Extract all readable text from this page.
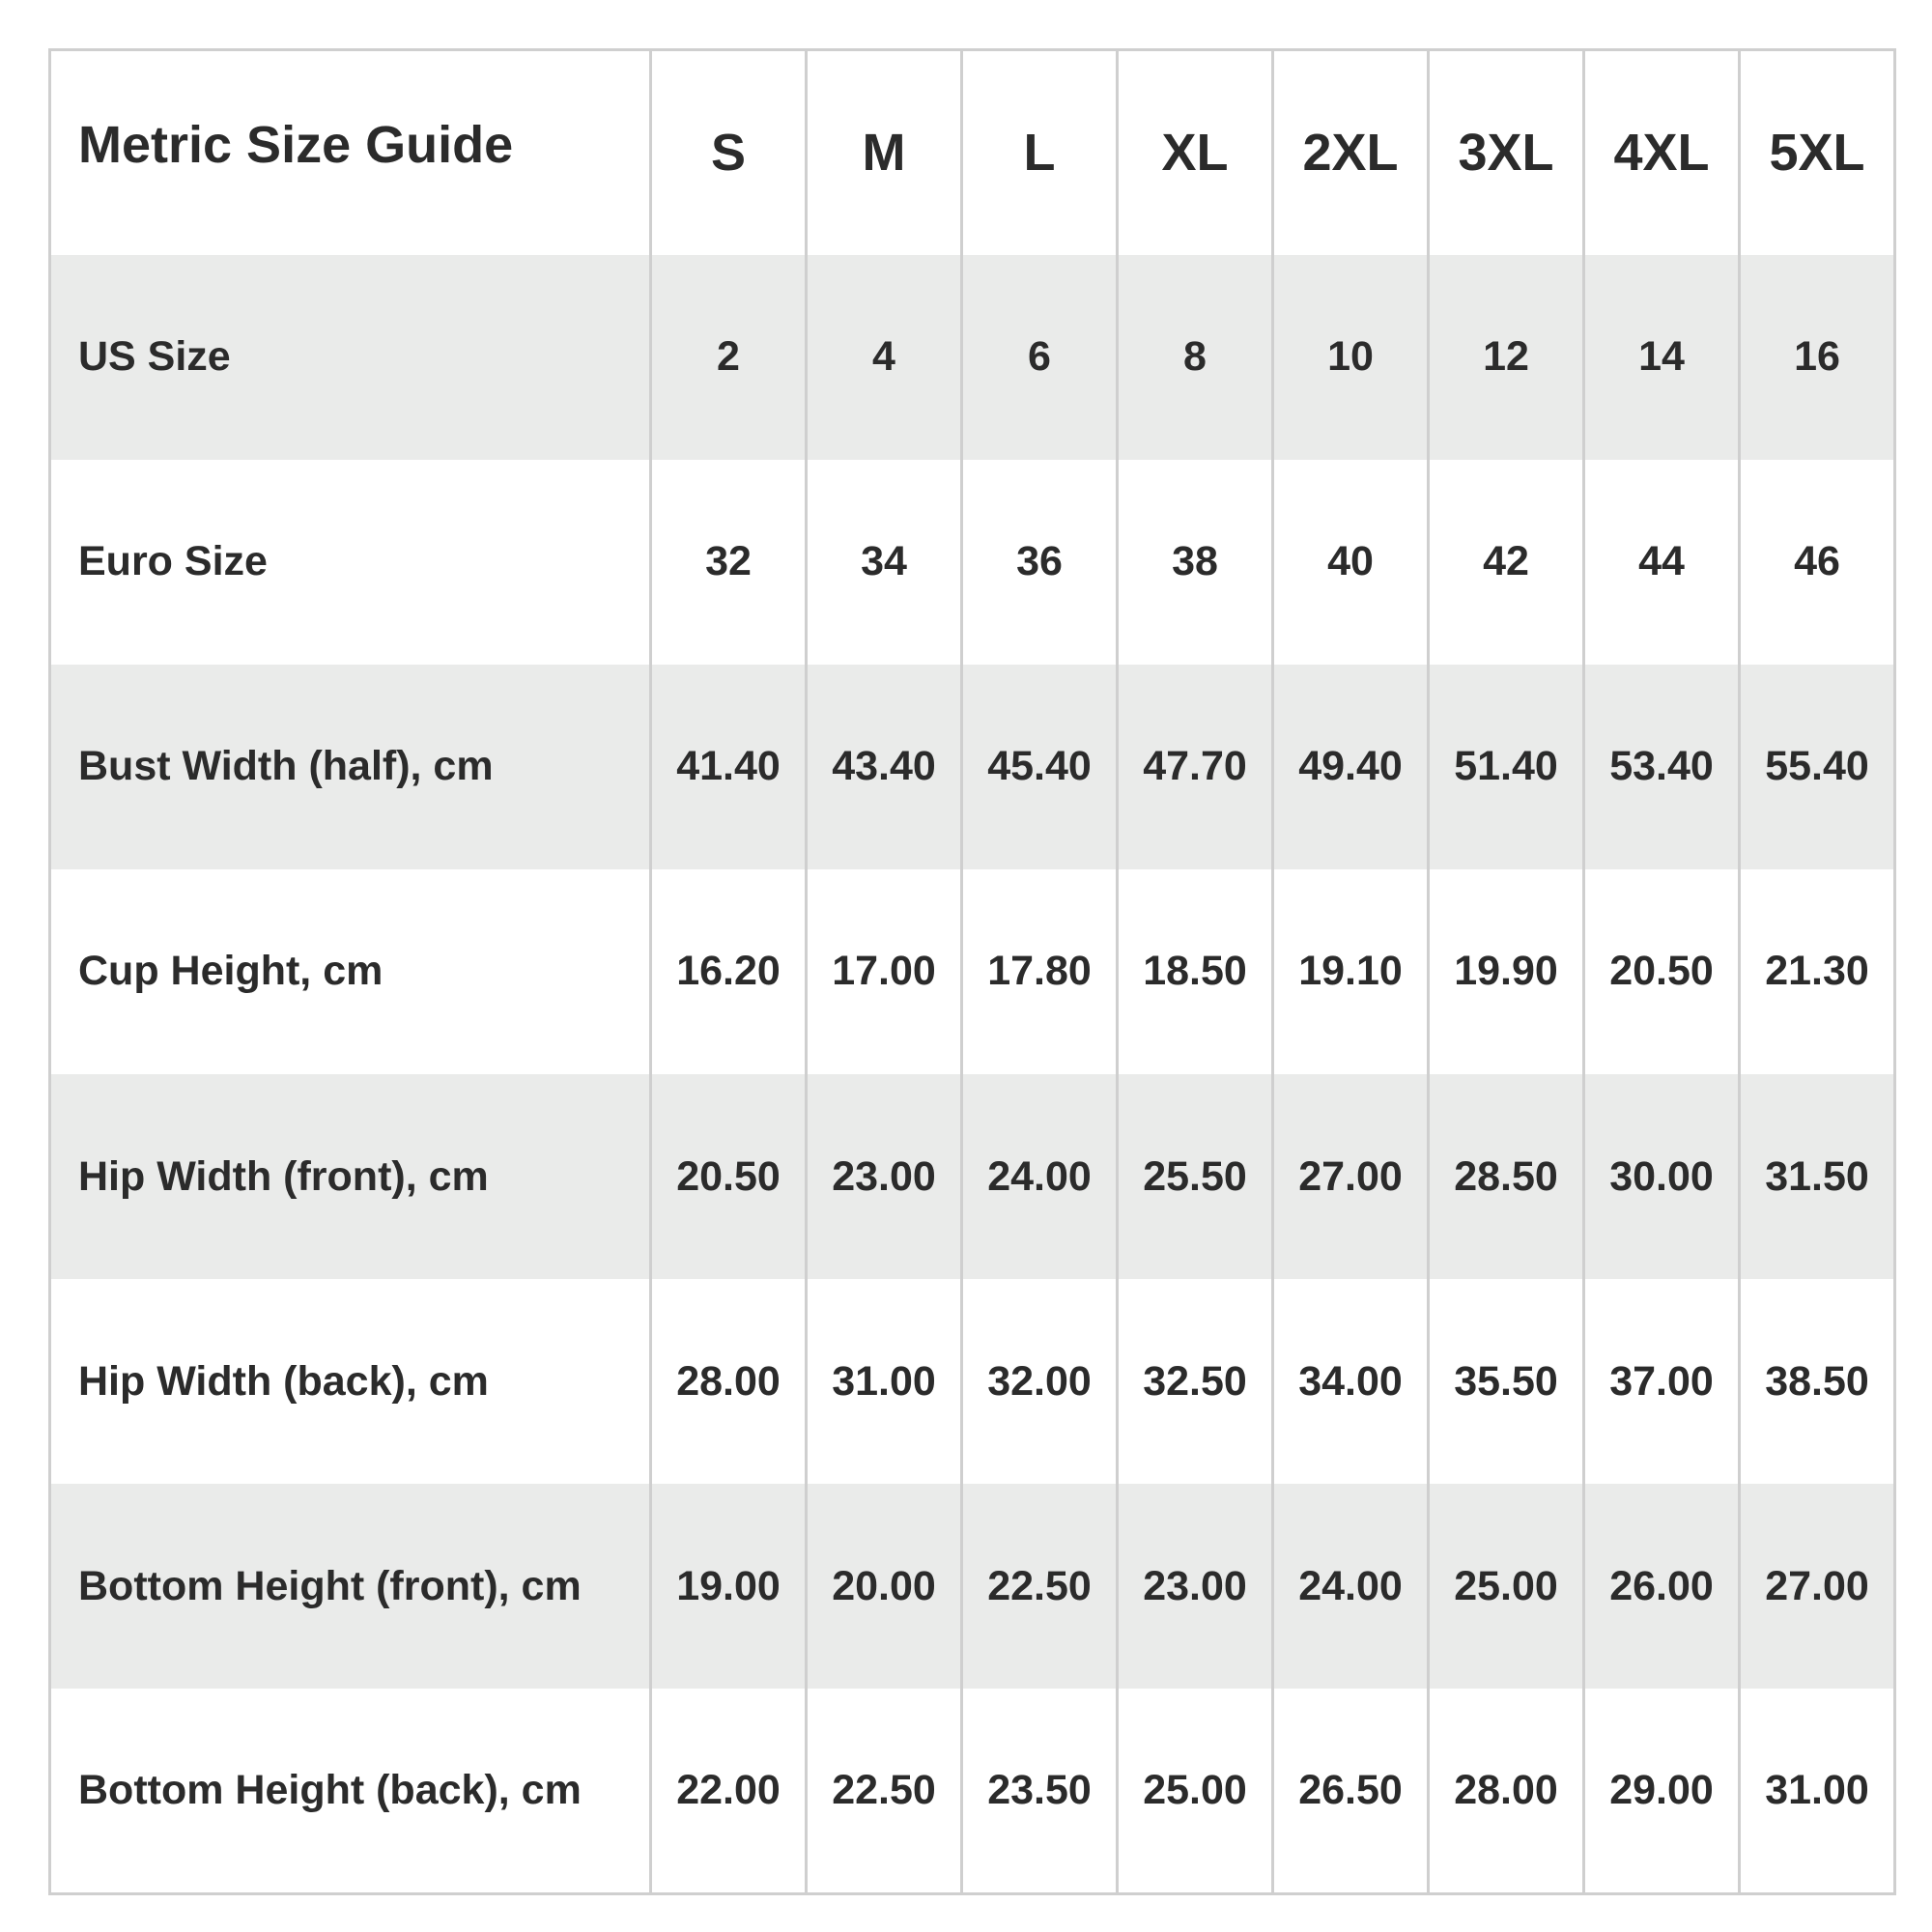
Metric Size Guide	S	M	L	XL	2XL	3XL	4XL	5XL
US Size	2	4	6	8	10	12	14	16
Euro Size	32	34	36	38	40	42	44	46
Bust Width (half), cm	41.40	43.40	45.40	47.70	49.40	51.40	53.40	55.40
Cup Height, cm	16.20	17.00	17.80	18.50	19.10	19.90	20.50	21.30
Hip Width (front), cm	20.50	23.00	24.00	25.50	27.00	28.50	30.00	31.50
Hip Width (back), cm	28.00	31.00	32.00	32.50	34.00	35.50	37.00	38.50
Bottom Height (front), cm	19.00	20.00	22.50	23.00	24.00	25.00	26.00	27.00
Bottom Height (back), cm	22.00	22.50	23.50	25.00	26.50	28.00	29.00	31.00
